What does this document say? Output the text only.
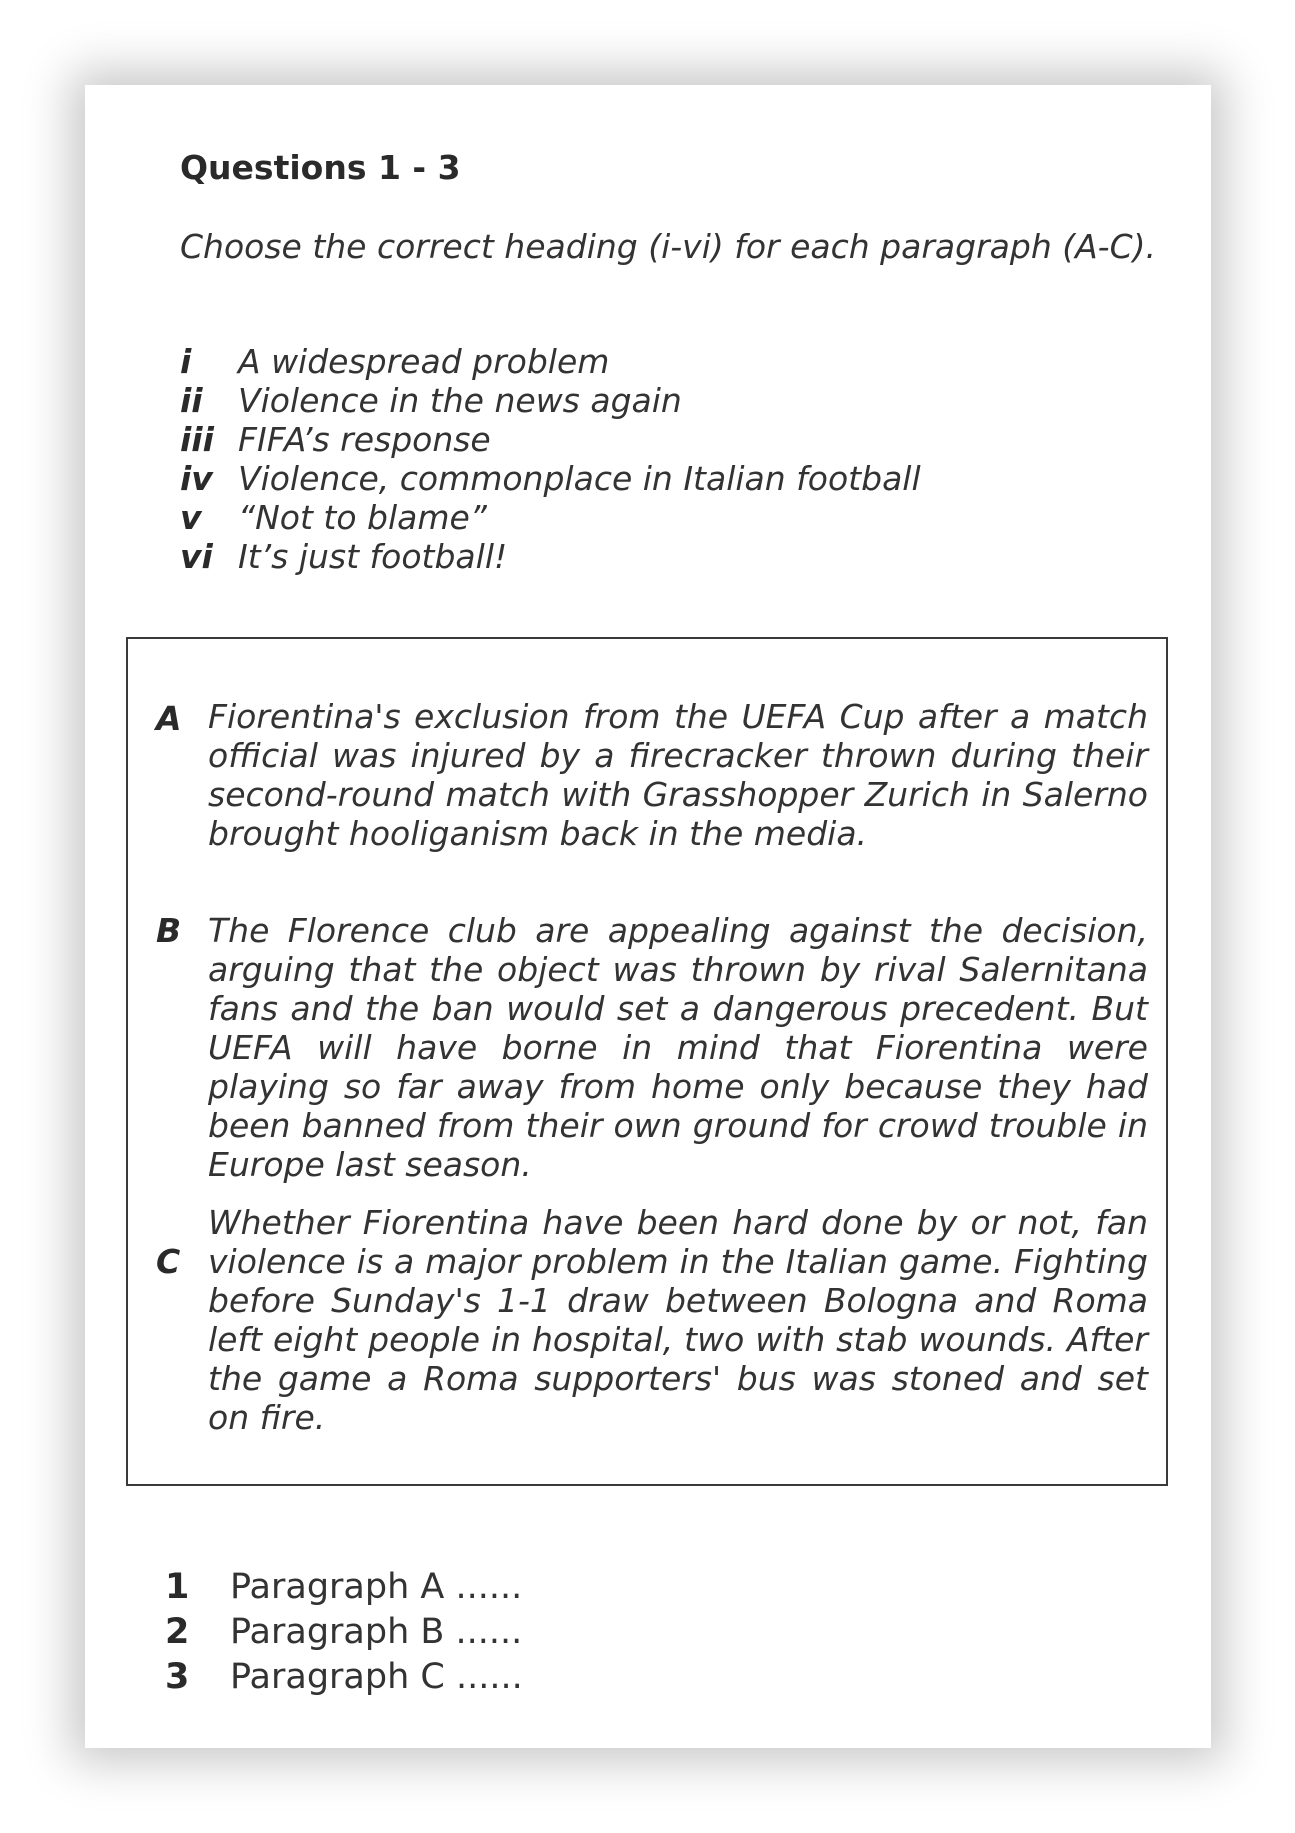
Questions 1 - 3
Choose the correct heading (i-vi) for each paragraph (A-C).
i A widespread problem
ii Violence in the news again
iii FIFA’s response
iv Violence, commonplace in Italian football
v “Not to blame”
vi It’s just football!
A Fiorentina's exclusion from the UEFA Cup after a match official was injured by a firecracker thrown during their second-round match with Grasshopper Zurich in Salerno brought hooliganism back in the media.

B The Florence club are appealing against the decision, arguing that the object was thrown by rival Salernitana fans and the ban would set a dangerous precedent. But UEFA will have borne in mind that Fiorentina were playing so far away from home only because they had been banned from their own ground for crowd trouble in Europe last season.

C

Whether Fiorentina have been hard done by or not, fan violence is a major problem in the Italian game. Fighting before Sunday's 1-1 draw between Bologna and Roma left eight people in hospital, two with stab wounds. After the game a Roma supporters' bus was stoned and set on fire.

1 Paragraph A ......
2 Paragraph B ......
3 Paragraph C ......
